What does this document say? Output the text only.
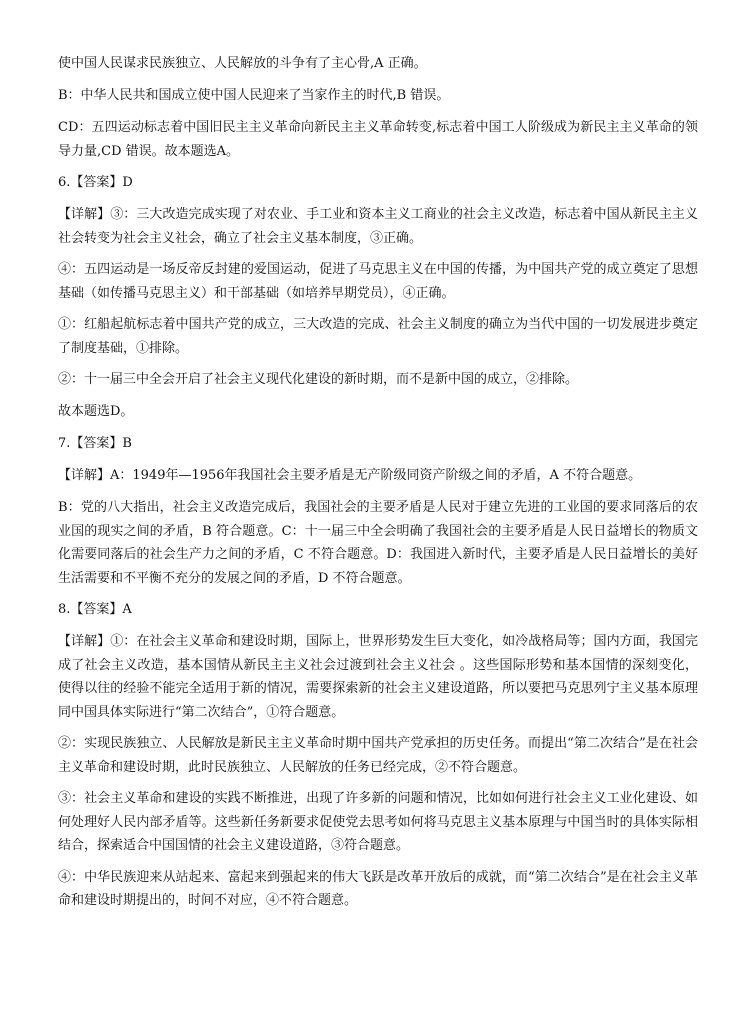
使中国人民谋求民族独立、人民解放的斗争有了主心骨,A 正确。

B：中华人民共和国成立使中国人民迎来了当家作主的时代,B 错误。

CD：五四运动标志着中国旧民主主义革命向新民主主义革命转变,标志着中国工人阶级成为新民主主义革命的领导力量,CD 错误。故本题选A。

6.【答案】D

【详解】③：三大改造完成实现了对农业、手工业和资本主义工商业的社会主义改造，标志着中国从新民主主义社会转变为社会主义社会，确立了社会主义基本制度，③正确。

④：五四运动是一场反帝反封建的爱国运动，促进了马克思主义在中国的传播，为中国共产党的成立奠定了思想基础（如传播马克思主义）和干部基础（如培养早期党员），④正确。

①：红船起航标志着中国共产党的成立，三大改造的完成、社会主义制度的确立为当代中国的一切发展进步奠定了制度基础，①排除。

②：十一届三中全会开启了社会主义现代化建设的新时期，而不是新中国的成立，②排除。

故本题选D。

7.【答案】B

【详解】A：1949年—1956年我国社会主要矛盾是无产阶级同资产阶级之间的矛盾，A 不符合题意。

B：党的八大指出，社会主义改造完成后，我国社会的主要矛盾是人民对于建立先进的工业国的要求同落后的农业国的现实之间的矛盾，B 符合题意。C：十一届三中全会明确了我国社会的主要矛盾是人民日益增长的物质文化需要同落后的社会生产力之间的矛盾，C 不符合题意。D：我国进入新时代，主要矛盾是人民日益增长的美好生活需要和不平衡不充分的发展之间的矛盾，D 不符合题意。

8.【答案】A

【详解】①：在社会主义革命和建设时期，国际上，世界形势发生巨大变化，如冷战格局等；国内方面，我国完成了社会主义改造，基本国情从新民主主义社会过渡到社会主义社会 。这些国际形势和基本国情的深刻变化，使得以往的经验不能完全适用于新的情况，需要探索新的社会主义建设道路，所以要把马克思列宁主义基本原理同中国具体实际进行“第二次结合”，①符合题意。

②：实现民族独立、人民解放是新民主主义革命时期中国共产党承担的历史任务。而提出“第二次结合”是在社会主义革命和建设时期，此时民族独立、人民解放的任务已经完成，②不符合题意。

③：社会主义革命和建设的实践不断推进，出现了许多新的问题和情况，比如如何进行社会主义工业化建设、如何处理好人民内部矛盾等。这些新任务新要求促使党去思考如何将马克思主义基本原理与中国当时的具体实际相结合，探索适合中国国情的社会主义建设道路，③符合题意。

④：中华民族迎来从站起来、富起来到强起来的伟大飞跃是改革开放后的成就，而“第二次结合”是在社会主义革命和建设时期提出的，时间不对应，④不符合题意。
